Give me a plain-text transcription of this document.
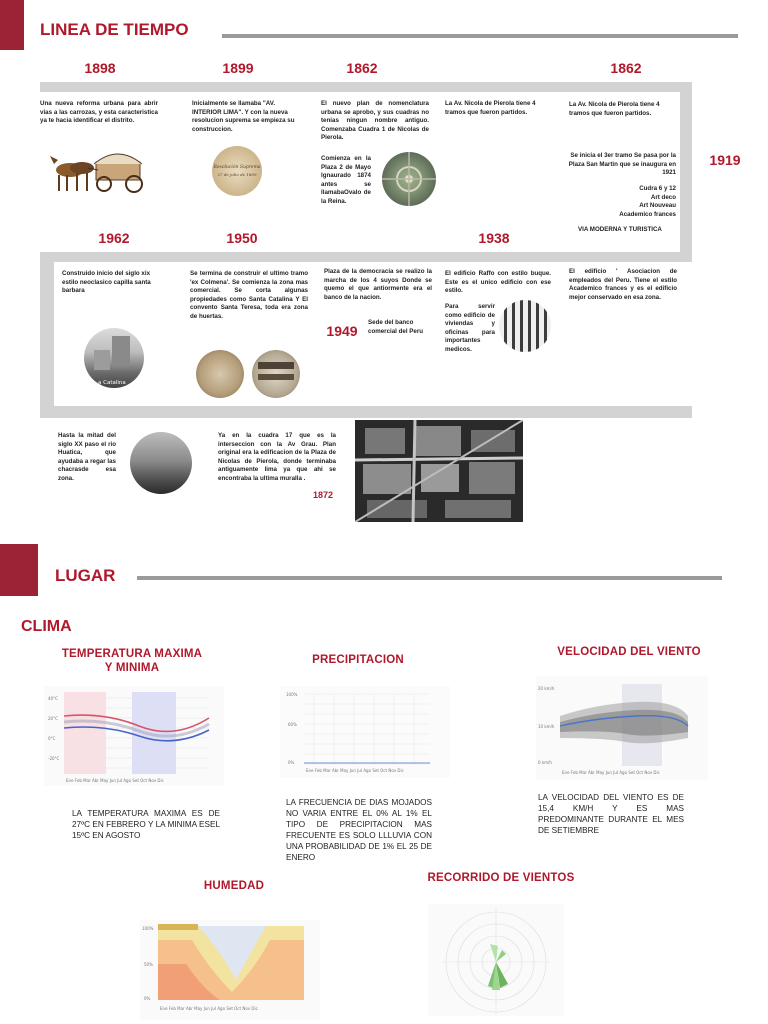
LINEA DE TIEMPO
1898	1899	1862	1862
1919
Una nueva reforma urbana para abrir vias a las carrozas, y esta caracteristica ya te hacia identificar el distrito.
Inicialmente se llamaba "AV. INTERIOR LIMA". Y con la nueva resolucion suprema se empieza su construccion.
El nuevo plan de nomenclatura urbana se aprobo, y sus cuadras no tenias ningun nombre antiguo. Comenzaba Cuadra 1 de Nicolas de Pierola.
La Av. Nicola de Pierola tiene 4 tramos que fueron partidos.
La Av. Nicola de Pierola tiene 4 tramos que fueron partidos.
Resolución Suprema
27 de julio de 1899
Comienza en la Plaza 2 de Mayo Ignaurado 1874 antes se llamabaOvalo de la Reina.
Se inicia el 3er tramo Se pasa por la Plaza San Martin que se inaugura en 1921
Cudra 6 y 12
Art deco
Art Nouveau
Academico frances
VIA MODERNA Y TURISTICA
1962	1950	1938
Construido inicio del siglo xix estilo neoclasico capilla santa barbara
Se termina de construir el ultimo tramo 'ex Colmena'. Se comienza la zona mas comercial. Se corta algunas propiedades como Santa Catalina Y El convento Santa Teresa, toda era zona de huertas.
Plaza de la democracia se realizo la marcha de los 4 suyos Donde se quemo el que antiormente era el banco de la nacion.
El edificio Raffo con estilo buque. Este es el unico edificio con ese estilo.
El edificio ' Asociacion de empleados del Peru. Tiene el estilo Academico frances y es el edificio mejor conservado en esa zona.
1949
Sede del banco comercial del Peru
Para servir como edificio de viviendas y oficinas para importantes medicos.
a Catalina
Hasta la mitad del siglo XX paso el rio Huatica, que ayudaba a regar las chacrasde esa zona.
Ya en la cuadra 17 que es la interseccion con la Av Grau. Plan original era la edificacion de la Plaza de Nicolas de Pierola, donde terminaba antiguamente lima ya que ahi se encontraba la ultima muralla .
1872
LUGAR
CLIMA
TEMPERATURA MAXIMA Y MINIMA
40°C
20°C
0°C
-20°C
Ene Feb Mar Abr May Jun Jul Ago Set Oct Nov Dic
LA TEMPERATURA MAXIMA ES DE 27ºC EN FEBRERO Y LA MINIMA ESEL 15ºC EN AGOSTO
PRECIPITACION
100%
60%
0%
Ene Feb Mar Abr May Jun Jul Ago Set Oct Nov Dic
LA FRECUENCIA DE DIAS MOJADOS NO VARIA ENTRE EL 0% AL 1% EL TIPO DE PRECIPITACION MAS FRECUENTE ES SOLO LLLUVIA CON UNA PROBABILIDAD DE 1% EL 25 DE ENERO
VELOCIDAD DEL VIENTO
20 km/h
10 km/h
0 km/h
Ene Feb Mar Abr May Jun Jul Ago Set Oct Nov Dic
LA VELOCIDAD DEL VIENTO ES DE 15,4 KM/H Y ES MAS PREDOMINANTE DURANTE EL MES DE SETIEMBRE
HUMEDAD
100%
50%
0%
Ene Feb Mar Abr May Jun Jul Ago Set Oct Nov Dic
RECORRIDO DE VIENTOS
